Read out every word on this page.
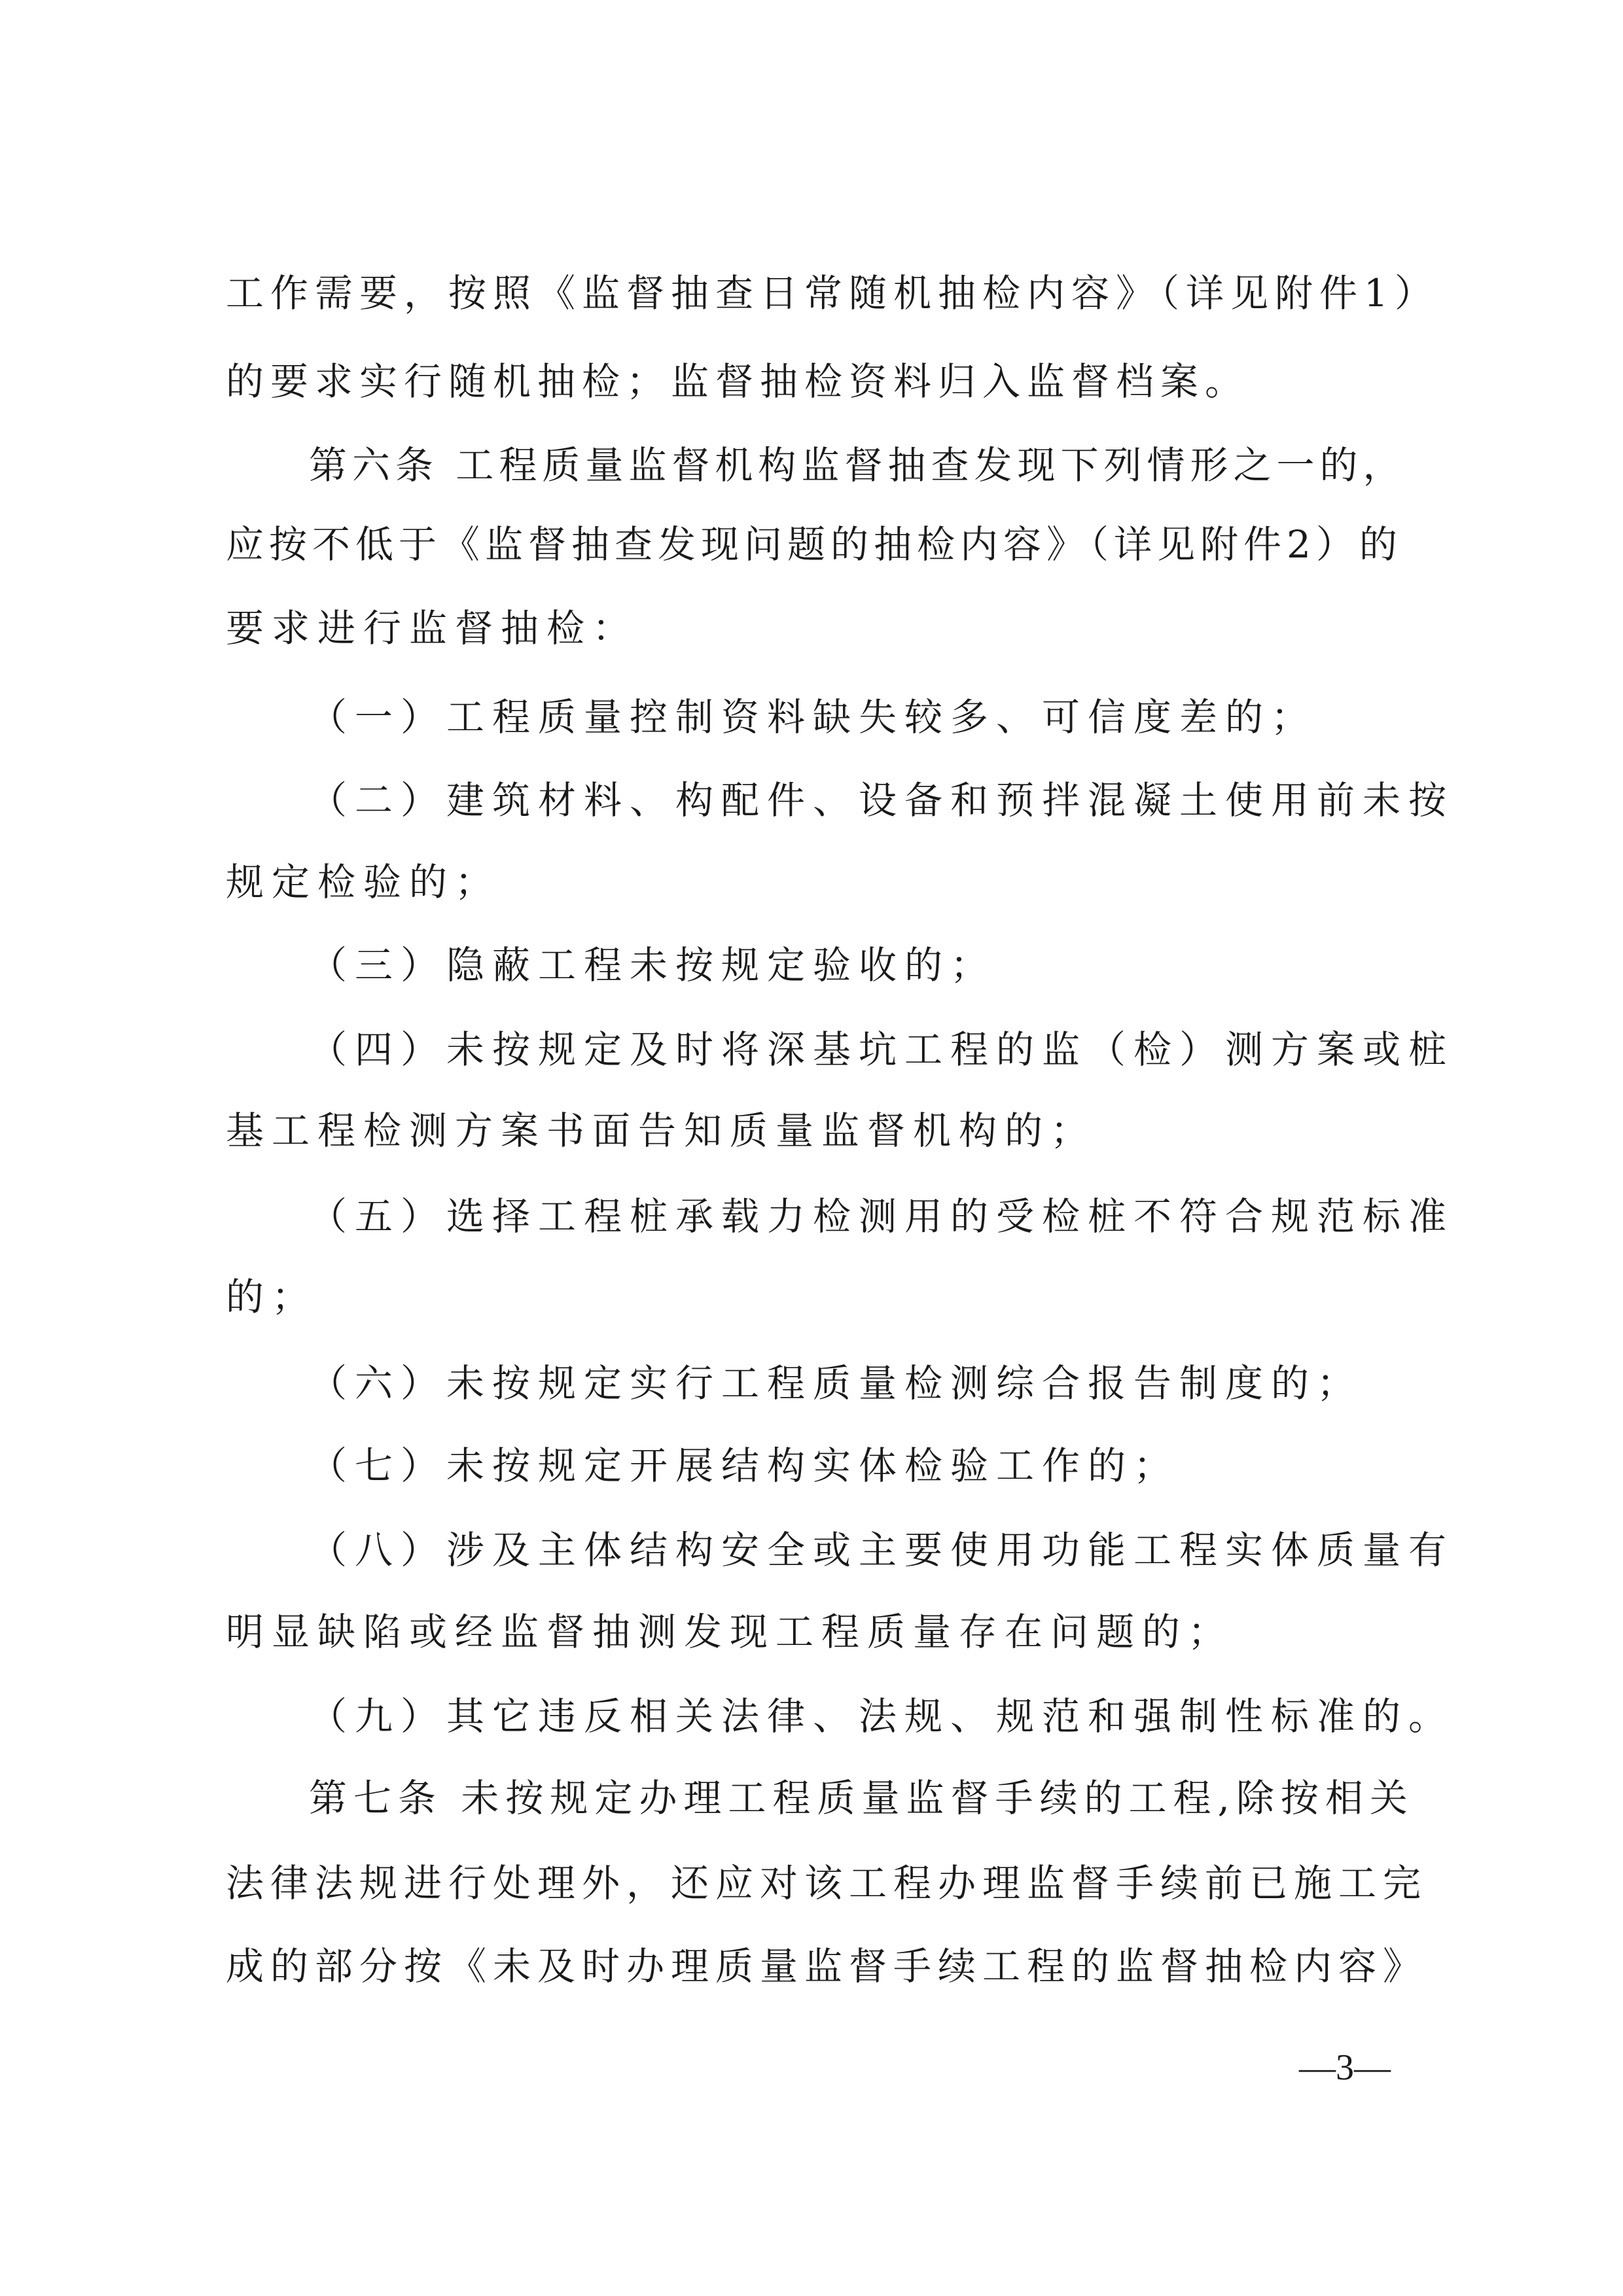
工作需要，按照《监督抽查日常随机抽检内容》（详见附件1）
的要求实行随机抽检；监督抽检资料归入监督档案。
第六条 工程质量监督机构监督抽查发现下列情形之一的，
应按不低于《监督抽查发现问题的抽检内容》（详见附件2）的
要求进行监督抽检：
（一）工程质量控制资料缺失较多、可信度差的；
（二）建筑材料、构配件、设备和预拌混凝土使用前未按
规定检验的；
（三）隐蔽工程未按规定验收的；
（四）未按规定及时将深基坑工程的监（检）测方案或桩
基工程检测方案书面告知质量监督机构的；
（五）选择工程桩承载力检测用的受检桩不符合规范标准
的；
（六）未按规定实行工程质量检测综合报告制度的；
（七）未按规定开展结构实体检验工作的；
（八）涉及主体结构安全或主要使用功能工程实体质量有
明显缺陷或经监督抽测发现工程质量存在问题的；
（九）其它违反相关法律、法规、规范和强制性标准的。
第七条 未按规定办理工程质量监督手续的工程,除按相关
法律法规进行处理外，还应对该工程办理监督手续前已施工完
成的部分按《未及时办理质量监督手续工程的监督抽检内容》
—3—
